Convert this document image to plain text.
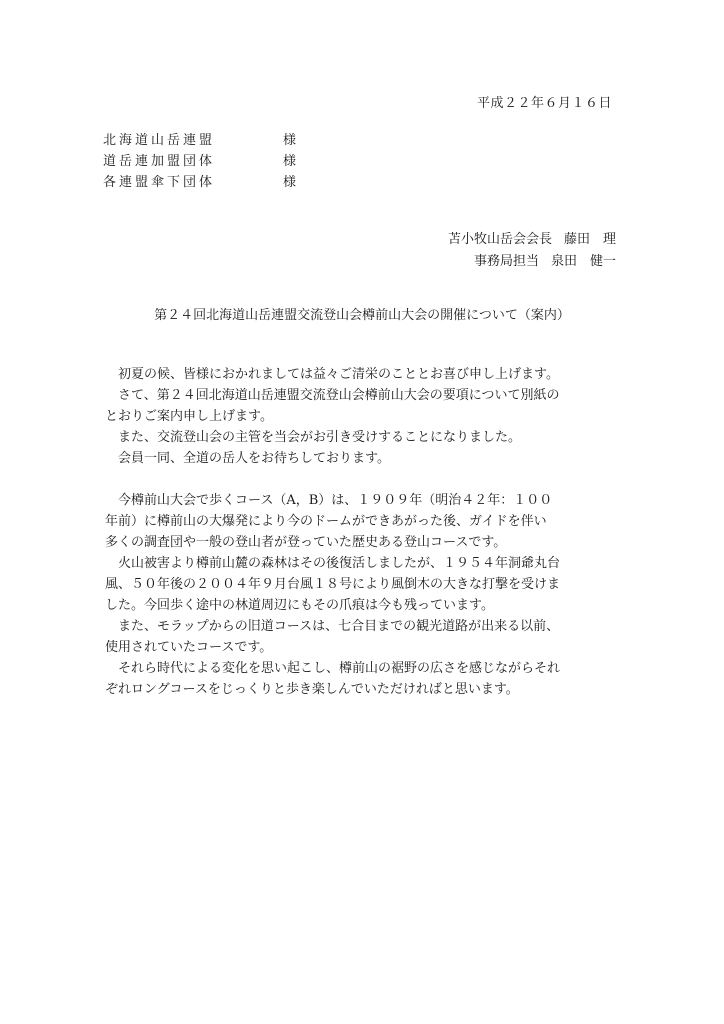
平成２２年６月１６日
北海道山岳連盟	様
道岳連加盟団体	様
各連盟傘下団体	様
苫小牧山岳会会長 藤田　理
事務局担当 泉田　健一
第２４回北海道山岳連盟交流登山会樽前山大会の開催について（案内）
初夏の候、皆様におかれましては益々ご清栄のこととお喜び申し上げます。
さて、第２４回北海道山岳連盟交流登山会樽前山大会の要項について別紙の
とおりご案内申し上げます。
また、交流登山会の主管を当会がお引き受けすることになりました。
会員一同、全道の岳人をお待ちしております。
今樽前山大会で歩くコース（A，B）は、１９０９年（明治４２年：１００
年前）に樽前山の大爆発により今のドームができあがった後、ガイドを伴い
多くの調査団や一般の登山者が登っていた歴史ある登山コースです。
火山被害より樽前山麓の森林はその後復活しましたが、１９５４年洞爺丸台
風、５０年後の２００４年９月台風１８号により風倒木の大きな打撃を受けま
した。今回歩く途中の林道周辺にもその爪痕は今も残っています。
また、モラップからの旧道コースは、七合目までの観光道路が出来る以前、
使用されていたコースです。
それら時代による変化を思い起こし、樽前山の裾野の広さを感じながらそれ
ぞれロングコースをじっくりと歩き楽しんでいただければと思います。
